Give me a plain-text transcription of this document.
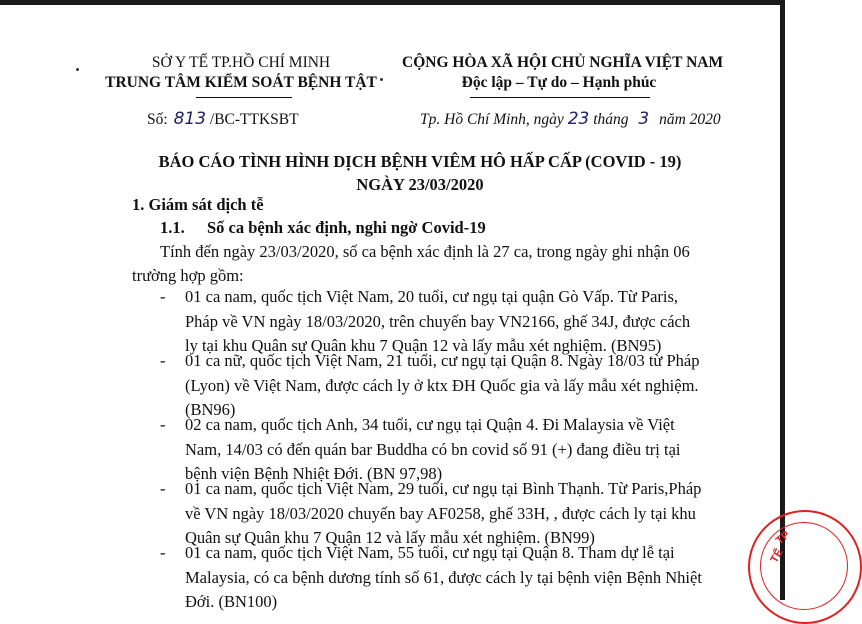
SỞ Y TẾ TP.HỒ CHÍ MINH
TRUNG TÂM KIỂM SOÁT BỆNH TẬT
Số: 813 /BC-TTKSBT
CỘNG HÒA XÃ HỘI CHỦ NGHĨA VIỆT NAM
Độc lập – Tự do – Hạnh phúc
Tp. Hồ Chí Minh, ngày 23 tháng 3 năm 2020
BÁO CÁO TÌNH HÌNH DỊCH BỆNH VIÊM HÔ HẤP CẤP (COVID - 19)
NGÀY 23/03/2020
1. Giám sát dịch tễ
1.1. Số ca bệnh xác định, nghi ngờ Covid-19
Tính đến ngày 23/03/2020, số ca bệnh xác định là 27 ca, trong ngày ghi nhận 06
trường hợp gồm:
- 01 ca nam, quốc tịch Việt Nam, 20 tuổi, cư ngụ tại quận Gò Vấp. Từ Paris, Pháp về VN ngày 18/03/2020, trên chuyến bay VN2166, ghế 34J, được cách ly tại khu Quân sự Quân khu 7 Quận 12 và lấy mẫu xét nghiệm. (BN95)
- 01 ca nữ, quốc tịch Việt Nam, 21 tuổi, cư ngụ tại Quận 8. Ngày 18/03 từ Pháp (Lyon) về Việt Nam, được cách ly ở ktx ĐH Quốc gia và lấy mẫu xét nghiệm. (BN96)
- 02 ca nam, quốc tịch Anh, 34 tuổi, cư ngụ tại Quận 4. Đi Malaysia về Việt Nam, 14/03 có đến quán bar Buddha có bn covid số 91 (+) đang điều trị tại bệnh viện Bệnh Nhiệt Đới. (BN 97,98)
- 01 ca nam, quốc tịch Việt Nam, 29 tuổi, cư ngụ tại Bình Thạnh. Từ Paris,Pháp về VN ngày 18/03/2020 chuyến bay AF0258, ghế 33H, , được cách ly tại khu Quân sự Quân khu 7 Quận 12 và lấy mẫu xét nghiệm. (BN99)
- 01 ca nam, quốc tịch Việt Nam, 55 tuổi, cư ngụ tại Quận 8. Tham dự lễ tại Malaysia, có ca bệnh dương tính số 61, được cách ly tại bệnh viện Bệnh Nhiệt Đới. (BN100)
TẾ
TP
